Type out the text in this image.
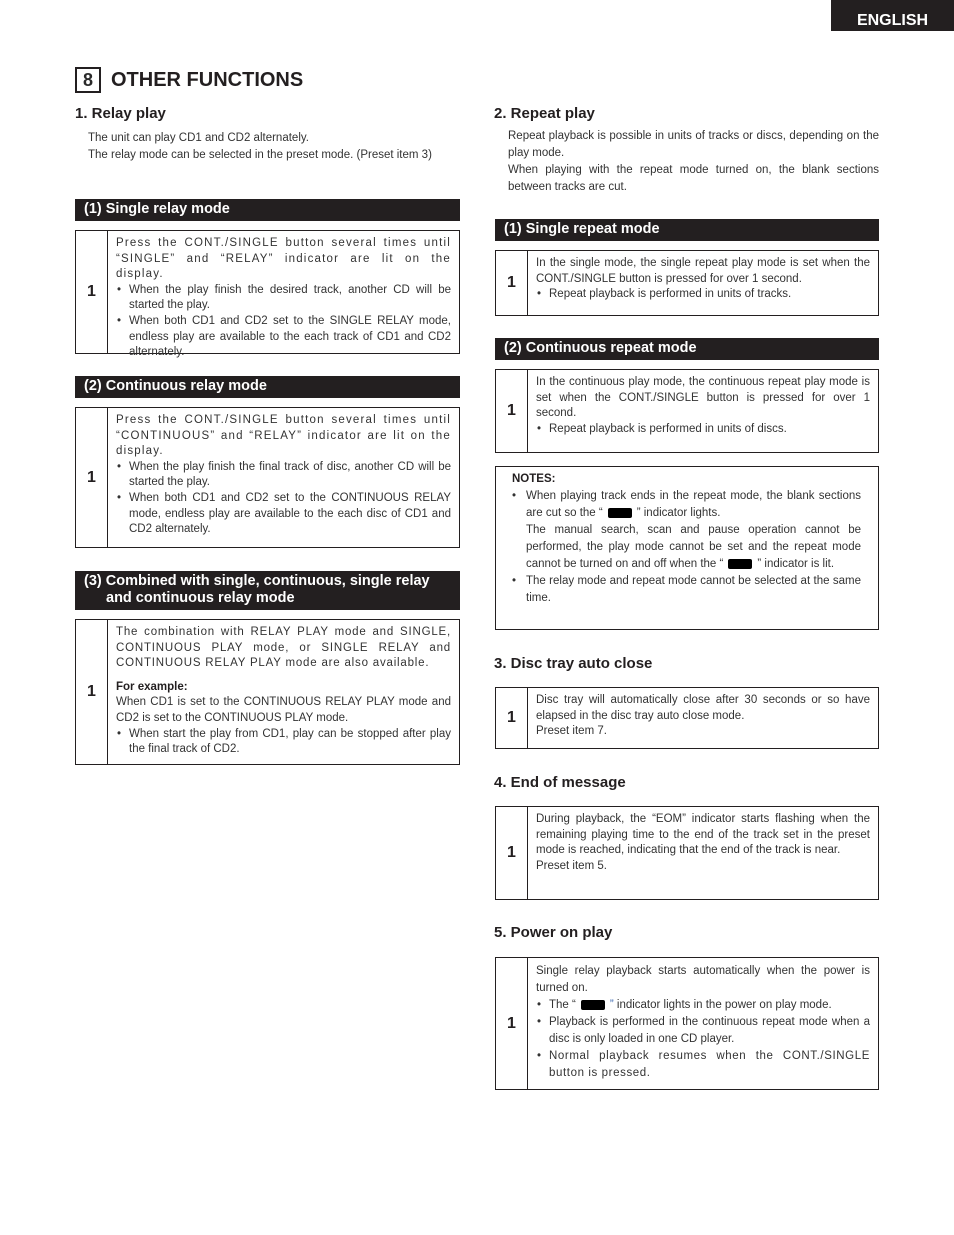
ENGLISH
8 OTHER FUNCTIONS
1. Relay play
The unit can play CD1 and CD2 alternately.
The relay mode can be selected in the preset mode. (Preset item 3)
(1) Single relay mode
1

Press the CONT./SINGLE button several times until “SINGLE” and “RELAY” indicator are lit on the display.

• When the play finish the desired track, another CD will be started the play.
• When both CD1 and CD2 set to the SINGLE RELAY mode, endless play are available to the each track of CD1 and CD2 alternately.
(2) Continuous relay mode
1

Press the CONT./SINGLE button several times until “CONTINUOUS” and “RELAY” indicator are lit on the display.

• When the play finish the final track of disc, another CD will be started the play.
• When both CD1 and CD2 set to the CONTINUOUS RELAY mode, endless play are available to the each disc of CD1 and CD2 alternately.
(3) Combined with single, continuous, single relay
and continuous relay mode
1

The combination with RELAY PLAY mode and SINGLE, CONTINUOUS PLAY mode, or SINGLE RELAY and CONTINUOUS RELAY PLAY mode are also available.

For example:

When CD1 is set to the CONTINUOUS RELAY PLAY mode and CD2 is set to the CONTINUOUS PLAY mode.

• When start the play from CD1, play can be stopped after play the final track of CD2.
2. Repeat play
Repeat playback is possible in units of tracks or discs, depending on the play mode.
When playing with the repeat mode turned on, the blank sections between tracks are cut.
(1) Single repeat mode
1

In the single mode, the single repeat play mode is set when the CONT./SINGLE button is pressed for over 1 second.

• Repeat playback is performed in units of tracks.
(2) Continuous repeat mode
1

In the continuous play mode, the continuous repeat play mode is set when the CONT./SINGLE button is pressed for over 1 second.

• Repeat playback is performed in units of discs.
NOTES:
• When playing track ends in the repeat mode, the blank sections are cut so the “	” indicator lights.
The manual search, scan and pause operation cannot be performed, the play mode cannot be set and the repeat mode cannot be turned on and off when the “	” indicator is lit.
• The relay mode and repeat mode cannot be selected at the same time.
3. Disc tray auto close
1

Disc tray will automatically close after 30 seconds or so have elapsed in the disc tray auto close mode.

Preset item 7.

4. End of message
1

During playback, the “EOM” indicator starts flashing when the remaining playing time to the end of the track set in the preset mode is reached, indicating that the end of the track is near.

Preset item 5.

5. Power on play
1

Single relay playback starts automatically when the power is turned on.

• The “	” indicator lights in the power on play mode.
• Playback is performed in the continuous repeat mode when a disc is only loaded in one CD player.
• Normal playback resumes when the CONT./SINGLE button is pressed.
